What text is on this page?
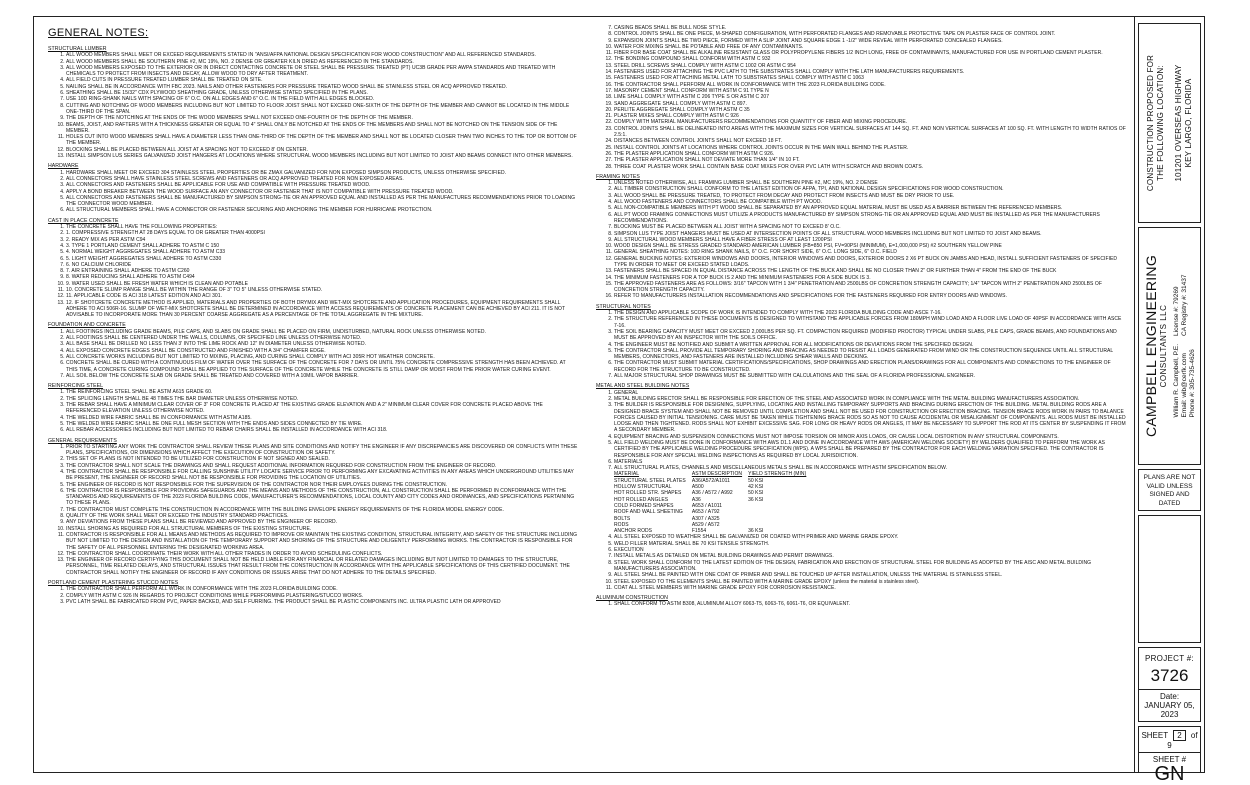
GENERAL NOTES:
STRUCTURAL LUMBER
1. ALL WOOD MEMBERS SHALL MEET OR EXCEED REQUIREMENTS STATED IN "ANSI/AFPA NATIONAL DESIGN SPECIFICATION FOR WOOD CONSTRUCTION" AND ALL REFERENCED STANDARDS.
2. ALL WOOD MEMBERS SHALL BE SOUTHERN PINE #2, MC 19%, NO. 2 DENSE OR GREATER KILN DRIED AS REFERENCED IN THE STANDARDS.
3. ALL WOOD MEMBERS EXPOSED TO THE EXTERIOR OR IN DIRECT CONTACTING CONCRETE OR STEEL SHALL BE PRESSURE TREATED (PT) UC3B GRADE PER AWPA STANDARDS AND TREATED WITH CHEMICALS TO PROTECT FROM INSECTS AND DECAY, ALLOW WOOD TO DRY AFTER TREATMENT.
4. ALL FIELD CUTS IN PRESSURE TREATED LUMBER SHALL BE TREATED ON SITE.
5. NAILING SHALL BE IN ACCORDANCE WITH FBC 2023. NAILS AND OTHER FASTENERS FOR PRESSURE TREATED WOOD SHALL BE STAINLESS STEEL OR ACQ APPROVED TREATED.
6. SHEATHING SHALL BE 15/32" CDX PLYWOOD SHEATHING GRADE, UNLESS OTHERWISE STATED SPECIFIED IN THE PLANS.
7. USE 10D RING-SHANK NAILS WITH SPACING OF 6" O.C. ON ALL EDGES AND 6" O.C. IN THE FIELD WITH ALL EDGES BLOCKED.
8. CUTTING AND NOTCHING OF WOOD MEMBERS INCLUDING BUT NOT LIMITED TO FLOOR JOIST SHALL NOT EXCEED ONE-SIXTH OF THE DEPTH OF THE MEMBER AND CANNOT BE LOCATED IN THE MIDDLE ONE-THIRD OF THE SPAN.
9. THE DEPTH OF THE NOTCHING AT THE ENDS OF THE WOOD MEMBERS SHALL NOT EXCEED ONE-FOURTH OF THE DEPTH OF THE MEMBER.
10. BEAMS, JOIST, AND RAFTERS WITH A THICKNESS GREATER OR EQUAL TO 4" SHALL ONLY BE NOTCHED AT THE ENDS OF THE MEMBERS AND SHALL NOT BE NOTCHED ON THE TENSION SIDE OF THE MEMBER.
11. HOLES CUT INTO WOOD MEMBERS SHALL HAVE A DIAMETER LESS THAN ONE-THIRD OF THE DEPTH OF THE MEMBER AND SHALL NOT BE LOCATED CLOSER THAN TWO INCHES TO THE TOP OR BOTTOM OF THE MEMBER.
12. BLOCKING SHALL BE PLACED BETWEEN ALL JOIST AT A SPACING NOT TO EXCEED 8' ON CENTER.
13. INSTALL SIMPSON LUS SERIES GALVANIZED JOIST HANGERS AT LOCATIONS WHERE STRUCTURAL WOOD MEMBERS INCLUDING BUT NOT LIMITED TO JOIST AND BEAMS CONNECT INTO OTHER MEMBERS.
HARDWARE
1. HARDWARE SHALL MEET OR EXCEED 304 STAINLESS STEEL PROPERTIES OR BE ZMAX GALVANIZED FOR NON EXPOSED SIMPSON PRODUCTS, UNLESS OTHERWISE SPECIFIED.
2. ALL CONNECTORS SHALL HAVE STAINLESS STEEL SCREWS AND FASTENERS OR ACQ APPROVED TREATED FOR NON EXPOSED AREAS.
3. ALL CONNECTORS AND FASTENERS SHALL BE APPLICABLE FOR USE AND COMPATIBLE WITH PRESSURE TREATED WOOD.
4. APPLY A BOND BREAKER BETWEEN THE WOOD SURFACE AN ANY CONNECTOR OR FASTENER THAT IS NOT COMPATIBLE WITH PRESSURE TREATED WOOD.
5. ALL CONNECTORS AND FASTENERS SHALL BE MANUFACTURED BY SIMPSON STRONG-TIE OR AN APPROVED EQUAL AND INSTALLED AS PER THE MANUFACTURES RECOMMENDATIONS PRIOR TO LOADING THE CONNECTOR WOOD MEMBER.
6. ALL STRUCTURAL MEMBERS SHALL HAVE A CONNECTOR OR FASTENER SECURING AND ANCHORING THE MEMBER FOR HURRICANE PROTECTION.
CAST IN PLACE CONCRETE
1. THE CONCRETE SHALL HAVE THE FOLLOWING PROPERTIES:
2. 1. COMPRESSIVE STRENGTH AT 28 DAYS EQUAL TO OR GREATER THAN 4000PSI
3. 2. READY MIX AS PER ASTM C94
4. 3. TYPE 1 PORTLAND CEMENT SHALL ADHERE TO ASTM C 150
5. 4. NORMAL WEIGHT AGGREGATES SHALL ADHERE TO ASTM C33
6. 5. LIGHT WEIGHT AGGREGATES SHALL ADHERE TO ASTM C330
7. 6. NO CALCIUM CHLORIDE
8. 7. AIR ENTRAINING SHALL ADHERE TO ASTM C260
9. 8. WATER REDUCING SHALL ADHERE TO ASTM C494
10. 9. WATER USED SHALL BE FRESH WATER WHICH IS CLEAN AND POTABLE
11. 10. CONCRETE SLUMP RANGE SHALL BE WITHIN THE RANGE OF 3" TO 5" UNLESS OTHERWISE STATED.
12. 11. APPLICABLE CODE IS ACI 318 LATEST EDITION AND ACI 301.
13. 12. IF SHOTCRETE CONCRETE METHOD IS APPLIED, MATERIALS AND PROPERTIES OF BOTH DRYMIX AND WET-MIX SHOTCRETE AND APPLICATION PROCEDURES, EQUIPMENT REQUIREMENTS SHALL ADHERE TO ACI 506R-16. SLUMP OF WET-MIX SHOTCRETE SHALL BE DETERMINED IN ACCORDANCE WITH ACCESS REQUIREMENTS OF CONCRETE PLACEMENT CAN BE ACHIEVED BY ACI 211. IT IS NOT ADVISABLE TO INCORPORATE MORE THAN 30 PERCENT COARSE AGGREGATE AS A PERCENTAGE OF THE TOTAL AGGREGATE IN THE MIXTURE.
FOUNDATION AND CONCRETE
1. ALL FOOTINGS INCLUDING GRADE BEAMS, PILE CAPS, AND SLABS ON GRADE SHALL BE PLACED ON FIRM, UNDISTURBED, NATURAL ROCK UNLESS OTHERWISE NOTED.
2. ALL FOOTINGS SHALL BE CENTERED UNDER THE WALLS, COLUMNS, OR SPECIFIED LINE UNLESS OTHERWISE NOTED.
3. ALL BASE SHALL BE DRILLED NO LESS THAN 3' INTO THE LIME ROCK AND 12" IN DIAMETER UNLESS OTHERWISE NOTED.
4. ALL EXPOSED CONCRETE EDGES SHALL BE CONSTRUCTED AND FINISHED WITH A 3/4" CHAMFER EDGE.
5. ALL CONCRETE WORKS INCLUDING BUT NOT LIMITED TO MIXING, PLACING, AND CURING SHALL COMPLY WITH ACI 305R HOT WEATHER CONCRETE.
6. CONCRETE SHALL BE CURED WITH A CONTINUOUS FILM OF WATER OVER THE SURFACE OF THE CONCRETE FOR 7 DAYS OR UNTIL 75% CONCRETE COMPRESSIVE STRENGTH HAS BEEN ACHIEVED. AT THIS TIME, A CONCRETE CURING COMPOUND SHALL BE APPLIED TO THE SURFACE OF THE CONCRETE WHILE THE CONCRETE IS STILL DAMP OR MOIST FROM THE PRIOR WATER CURING EVENT.
7. ALL SOIL BELOW THE CONCRETE SLAB ON GRADE SHALL BE TREATED AND COVERED WITH A 10MIL VAPOR BARRIER.
REINFORCING STEEL
1. THE REINFORCING STEEL SHALL BE ASTM A615 GRADE 60.
2. THE SPLICING LENGTH SHALL BE 48 TIMES THE BAR DIAMETER UNLESS OTHERWISE NOTED.
3. THE REBAR SHALL HAVE A MINIMUM CLEAR COVER OF 3" FOR CONCRETE PLACED AT THE EXISTING GRADE ELEVATION AND A 2" MINIMUM CLEAR COVER FOR CONCRETE PLACED ABOVE THE REFERENCED ELEVATION UNLESS OTHERWISE NOTED.
4. THE WELDED WIRE FABRIC SHALL BE IN CONFORMANCE WITH ASTM A185.
5. THE WELDED WIRE FABRIC SHALL BE ONE FULL MESH SECTION WITH THE ENDS AND SIDES CONNECTED BY TIE WIRE.
6. ALL REBAR ACCESSORIES INCLUDING BUT NOT LIMITED TO REBAR CHAIRS SHALL BE INSTALLED IN ACCORDANCE WITH ACI 318.
GENERAL REQUIREMENTS
1. PRIOR TO STARTING ANY WORK THE CONTRACTOR SHALL REVIEW THESE PLANS AND SITE CONDITIONS AND NOTIFY THE ENGINEER IF ANY DISCREPANCIES ARE DISCOVERED OR CONFLICTS WITH THESE PLANS, SPECIFICATIONS, OR DIMENSIONS WHICH AFFECT THE EXECUTION OF CONSTRUCTION OR SAFETY.
2. THIS SET OF PLANS IS NOT INTENDED TO BE UTILIZED FOR CONSTRUCTION IF NOT SIGNED AND SEALED.
3. THE CONTRACTOR SHALL NOT SCALE THE DRAWINGS AND SHALL REQUEST ADDITIONAL INFORMATION REQUIRED FOR CONSTRUCTION FROM THE ENGINEER OF RECORD.
4. THE CONTRACTOR SHALL BE RESPONSIBLE FOR CALLING SUNSHINE UTILITY LOCATE SERVICE PRIOR TO PERFORMING ANY EXCAVATING ACTIVITIES IN ANY AREAS WHICH UNDERGROUND UTILITIES MAY BE PRESENT, THE ENGINEER OF RECORD SHALL NOT BE RESPONSIBLE FOR PROVIDING THE LOCATION OF UTILITIES.
5. THE ENGINEER OF RECORD IS NOT RESPONSIBLE FOR THE SUPERVISION OF THE CONTRACTOR NOR THEIR EMPLOYEES DURING THE CONSTRUCTION.
6. THE CONTRACTOR IS RESPONSIBLE FOR PROVIDING SAFEGUARDS AND THE MEANS AND METHODS OF THE CONSTRUCTION, ALL CONSTRUCTION SHALL BE PERFORMED IN CONFORMANCE WITH THE STANDARDS AND REQUIREMENTS OF THE 2023 FLORIDA BUILDING CODE, MANUFACTURER'S RECOMMENDATIONS, LOCAL COUNTY AND CITY CODES AND ORDINANCES, AND SPECIFICATIONS PERTAINING TO THESE PLANS.
7. THE CONTRACTOR MUST COMPLETE THE CONSTRUCTION IN ACCORDANCE WITH THE BUILDING ENVELOPE ENERGY REQUIREMENTS OF THE FLORIDA MODEL ENERGY CODE.
8. QUALITY OF THE WORK SHALL MEET OR EXCEED THE INDUSTRY STANDARD PRACTICES.
9. ANY DEVIATIONS FROM THESE PLANS SHALL BE REVIEWED AND APPROVED BY THE ENGINEER OF RECORD.
10. INSTALL SHORING AS REQUIRED FOR ALL STRUCTURAL MEMBERS OF THE EXISTING STRUCTURE.
11. CONTRACTOR IS RESPONSIBLE FOR ALL MEANS AND METHODS AS REQUIRED TO IMPROVE OR MAINTAIN THE EXISTING CONDITION, STRUCTURAL INTEGRITY, AND SAFETY OF THE STRUCTURE INCLUDING BUT NOT LIMITED TO THE DESIGN AND INSTALLATION OF THE TEMPORARY SUPPORT AND SHORING OF THE STRUCTURE AND DILIGENTLY PERFORMING WORKS. THE CONTRACTOR IS RESPONSIBLE FOR THE SAFETY OF ALL PERSONNEL ENTERING THE DESIGNATED WORKING AREA.
12. THE CONTRACTOR SHALL COORDINATE THEIR WORK WITH ALL OTHER TRADES IN ORDER TO AVOID SCHEDULING CONFLICTS.
13. THE ENGINEER OF RECORD CERTIFYING THIS DOCUMENT SHALL NOT BE HELD LIABLE FOR ANY FINANCIAL OR RELATED DAMAGES INCLUDING BUT NOT LIMITED TO DAMAGES TO THE STRUCTURE, PERSONNEL, TIME RELATED DELAYS, AND STRUCTURAL ISSUES THAT RESULT FROM THE CONSTRUCTION IN ACCORDANCE WITH THE APPLICABLE SPECIFICATIONS OF THIS CERTIFIED DOCUMENT. THE CONTRACTOR SHALL NOTIFY THE ENGINEER OF RECORD IF ANY CONDITIONS OR ISSUES ARISE THAT DO NOT ADHERE TO THE DETAILS SPECIFIED.
PORTLAND CEMENT PLASTERING STUCCO NOTES
1. THE CONTRACTOR SHALL PERFORM ALL WORK IN CONFORMANCE WITH THE 2023 FLORIDA BUILDING CODE.
2. COMPLY WITH ASTM C 926 IN REGARDS TO PROJECT CONDITIONS WHILE PERFORMING PLASTERING/STUCCO WORKS.
3. PVC LATH SHALL BE FABRICATED FROM PVC, PAPER BACKED, AND SELF FURRING. THE PRODUCT SHALL BE PLASTIC COMPONENTS INC. ULTRA PLASTIC LATH OR APPROVED
7. CASING BEADS SHALL BE BULL NOSE STYLE.
8. CONTROL JOINTS SHALL BE ONE PIECE, M-SHAPED CONFIGURATION, WITH PERFORATED FLANGES AND REMOVABLE PROTECTIVE TAPE ON PLASTER FACE OF CONTROL JOINT.
9. EXPANSION JOINTS SHALL BE TWO PIECE, FORMED WITH A SLIP JOINT AND SQUARE EDGE 1 -1/2" WIDE REVEAL WITH PERFORATED CONCEALED FLANGES.
10. WATER FOR MIXING SHALL BE POTABLE AND FREE OF ANY CONTAMINANTS.
11. FIBER FOR BASE COAT SHALL BE ALKALINE RESISTANT GLASS OR POLYPROPYLENE FIBERS 1/2 INCH LONG, FREE OF CONTAMINANTS, MANUFACTURED FOR USE IN PORTLAND CEMENT PLASTER.
12. THE BONDING COMPOUND SHALL CONFORM WITH ASTM C 932
13. STEEL DRILL SCREWS SHALL COMPLY WITH ASTM C 1002 OR ASTM C 954
14. FASTENERS USED FOR ATTACHING THE PVC LATH TO THE SUBSTRATES SHALL COMPLY WITH THE LATH MANUFACTURERS REQUIREMENTS.
15. FASTENERS USED FOR ATTACHING METAL LATH TO SUBSTRATES SHALL COMPLY WITH ASTM C 1063
16. THE CONTRACTOR SHALL PERFORM ALL WORK IN CONFORMANCE WITH THE 2023 FLORIDA BUILDING CODE.
17. MASONRY CEMENT SHALL CONFORM WITH ASTM C 91 TYPE N
18. LIME SHALL COMPLY WITH ASTM C 206 TYPE S OR ASTM C 207
19. SAND AGGREGATE SHALL COMPLY WITH ASTM C 897.
20. PERLITE AGGREGATE SHALL COMPLY WITH ASTM C 35
21. PLASTER MIXES SHALL COMPLY WITH ASTM C 926
22. COMPLY WITH MATERIAL MANUFACTURERS RECOMMENDATIONS FOR QUANTITY OF FIBER AND MIXING PROCEDURE.
23. CONTROL JOINTS SHALL BE DELINEATED INTO AREAS WITH THE MAXIMUM SIZES FOR VERTICAL SURFACES AT 144 SQ. FT. AND NON VERTICAL SURFACES AT 100 SQ. FT. WITH LENGTH TO WIDTH RATIOS OF 2.5:1.
24. DISTANCES BETWEEN CONTROL JOINTS SHALL NOT EXCEED 18 FT.
25. INSTALL CONTROL JOINTS AT LOCATIONS WHERE CONTROL JOINTS OCCUR IN THE MAIN WALL BEHIND THE PLASTER.
26. THE PLASTER APPLICATION SHALL CONFORM WITH ASTM C 926.
27. THE PLASTER APPLICATION SHALL NOT DEVIATE MORE THAN 1/4" IN 10 FT.
28. THREE COAT PLASTER WORK SHALL CONTAIN BASE COAT MIXES FOR OVER PVC LATH WITH SCRATCH AND BROWN COATS.
FRAMING NOTES
1. UNLESS NOTED OTHERWISE, ALL FRAMING LUMBER SHALL BE SOUTHERN PINE #2, MC 19%, NO. 2 DENSE
2. ALL TIMBER CONSTRUCTION SHALL CONFORM TO THE LATEST EDITION OF AFPA, TPI, AND NATIONAL DESIGN SPECIFICATIONS FOR WOOD CONSTRUCTION.
3. ALL WOOD SHALL BE PRESSURE TREATED, TO PROTECT FROM DECAY AND PROTECT FROM INSECTS AND MUST BE DRY PRIOR TO USE.
4. ALL WOOD FASTENERS AND CONNECTORS SHALL BE COMPATIBLE WITH PT WOOD.
5. ALL NON-COMPATIBLE MEMBERS WITH PT WOOD SHALL BE SEPARATED BY AN APPROVED EQUAL MATERIAL MUST BE USED AS A BARRIER BETWEEN THE REFERENCED MEMBERS.
6. ALL PT WOOD FRAMING CONNECTIONS MUST UTILIZE A PRODUCTS MANUFACTURED BY SIMPSON STRONG-TIE OR AN APPROVED EQUAL AND MUST BE INSTALLED AS PER THE MANUFACTURERS RECOMMENDATIONS.
7. BLOCKING MUST BE PLACED BETWEEN ALL JOIST WITH A SPACING NOT TO EXCEED 8' O.C.
8. SIMPSON LUS TYPE JOIST HANGERS MUST BE USED AT INTERSECTION POINTS OF ALL STRUCTURAL WOOD MEMBERS INCLUDING BUT NOT LIMITED TO JOIST AND BEAMS.
9. ALL STRUCTURAL WOOD MEMBERS SHALL HAVE A FIBER STRESS OF AT LEAST 1200PSI
10. WOOD DESIGN SHALL BE STRESS GRADED STANDARD AMERICAN LUMBER (FB=850 PSI, FV=90PSI (MINIMUM), E=1,000,000 PSI) #2 SOUTHERN YELLOW PINE
11. GENERAL SHEATHING NOTES: 10D RING SHANK NAILS, 6" O.C. FOR SHORT SIDE, 6" O.C. LONG SIDE, 6" O.C. FIELD
12. GENERAL BUCKING NOTES: EXTERIOR WINDOWS AND DOORS, INTERIOR WINDOWS AND DOORS, EXTERIOR DOORS 2 X6 PT BUCK ON JAMBS AND HEAD, INSTALL SUFFICIENT FASTENERS OF SPECIFIED TYPE IN ORDER TO MEET OR EXCEED STATED LOADS.
13. FASTENERS SHALL BE SPACED IN EQUAL DISTANCE ACROSS THE LENGTH OF THE BUCK AND SHALL BE NO CLOSER THAN 2" OR FURTHER THAN 4" FROM THE END OF THE BUCK
14. THE MINIMUM FASTENERS FOR A TOP BUCK IS 2 AND THE MINIMUM FASTENERS FOR A SIDE BUCK IS 3.
15. THE APPROVED FASTENERS ARE AS FOLLOWS: 3/16" TAPCON WITH 1 3/4" PENETRATION AND 2500LBS OF CONCRETION STRENGTH CAPACITY; 1/4" TAPCON WITH 2" PENETRATION AND 2500LBS OF CONCRETION STRENGTH CAPACITY.
16. REFER TO MANUFACTURERS INSTALLATION RECOMMENDATIONS AND SPECIFICATIONS FOR THE FASTENERS REQUIRED FOR ENTRY DOORS AND WINDOWS.
STRUCTURAL NOTES
1. THE DESIGN AND APPLICABLE SCOPE OF WORK IS INTENDED TO COMPLY WITH THE 2023 FLORIDA BUILDING CODE AND ASCE 7-16.
2. THE STRUCTURE REFERENCED IN THESE DOCUMENTS IS DESIGNED TO WITHSTAND THE APPLICABLE FORCES FROM 180MPH WIND LOAD AND A FLOOR LIVE LOAD OF 40PSF IN ACCORDANCE WITH ASCE 7-16.
3. THE SOIL BEARING CAPACITY MUST MEET OR EXCEED 2,000LBS PER SQ. FT. COMPACTION REQUIRED (MODIFIED PROCTOR) TYPICAL UNDER SLABS, PILE CAPS, GRADE BEAMS, AND FOUNDATIONS AND MUST BE APPROVED BY AN INSPECTOR WITH THE SOILS OFFICE.
4. THE ENGINEER MUST BE NOTIFIED AND SUBMIT A WRITTEN APPROVAL FOR ALL MODIFICATIONS OR DEVIATIONS FROM THE SPECIFIED DESIGN.
5. THE CONTRACTOR SHALL PROVIDE ALL TEMPORARY SHORING AND BRACING AS NEEDED TO RESIST ALL LOADS GENERATED FROM WIND OR THE CONSTRUCTION SEQUENCE UNTIL ALL STRUCTURAL MEMBERS, CONNECTORS, AND FASTENERS ARE INSTALLED INCLUDING SHEAR WALLS AND DECKING.
6. THE CONTRACTOR MUST SUBMIT MATERIAL CERTIFICATIONS/SPECIFICATIONS, SHOP DRAWINGS AND ERECTION PLANS/DRAWINGS FOR ALL COMPONENTS AND CONNECTIONS TO THE ENGINEER OF RECORD FOR THE STRUCTURE TO BE CONSTRUCTED.
7. ALL MAJOR STRUCTURAL SHOP DRAWINGS MUST BE SUBMITTED WITH CALCULATIONS AND THE SEAL OF A FLORIDA PROFESSIONAL ENGINEER.
METAL AND STEEL BUILDING NOTES
1. GENERAL
2. METAL BUILDING ERECTOR SHALL BE RESPONSIBLE FOR ERECTION OF THE STEEL AND ASSOCIATED WORK IN COMPLIANCE WITH THE METAL BUILDING MANUFACTURERS ASSOCIATION.
3. THE BUILDER IS RESPONSIBLE FOR DESIGNING, SUPPLYING, LOCATING AND INSTALLING TEMPORARY SUPPORTS AND BRACING DURING ERECTION OF THE BUILDING. METAL BUILDING RODS ARE A DESIGNED BRACE SYSTEM AND SHALL NOT BE REMOVED UNTIL COMPLETION AND SHALL NOT BE USED FOR CONSTRUCTION OR ERECTION BRACING. TENSION BRACE RODS WORK IN PAIRS TO BALANCE FORCES CAUSED BY INITIAL TENSIONING. CARE MUST BE TAKEN WHILE TIGHTENING BRACE RODS SO AS NOT TO CAUSE ACCIDENTAL OR MISALIGNMENT OF COMPONENTS. ALL RODS MUST BE INSTALLED LOOSE AND THEN TIGHTENED. RODS SHALL NOT EXHIBIT EXCESSIVE SAG. FOR LONG OR HEAVY RODS OR ANGLES, IT MAY BE NECESSARY TO SUPPORT THE ROD AT ITS CENTER BY SUSPENDING IT FROM A SECONDARY MEMBER.
4. EQUIPMENT BRACING AND SUSPENSION CONNECTIONS MUST NOT IMPOSE TORSION OR MINOR AXIS LOADS, OR CAUSE LOCAL DISTORTION IN ANY STRUCTURAL COMPONENTS.
5. ALL FIELD WELDING MUST BE DONE IN CONFORMANCE WITH AWS D1.1 AND DONE IN ACCORDANCE WITH AWS (AMERICAN WELDING SOCIETY) BY WELDERS QUALIFIED TO PERFORM THE WORK AS CERTIFIED BY THE APPLICABLE WELDING PROCEDURE SPECIFICATION (WPS). A WPS SHALL BE PREPARED BY THE CONTRACTOR FOR EACH WELDING VARIATION SPECIFIED. THE CONTRACTOR IS RESPONSIBLE FOR ANY SPECIAL WELDING INSPECTIONS AS REQUIRED BY LOCAL JURISDICTION.
6. MATERIALS
7. ALL STRUCTURAL PLATES, CHANNELS AND MISCELLANEOUS METALS SHALL BE IN ACCORDANCE WITH ASTM SPECIFICATION BELOW.
MATERIAL	ASTM DESCRIPTION	YIELD STRENGTH (MIN)
STRUCTURAL STEEL PLATES	A36/A572/A1011	50 KSI
HOLLOW STRUCTURAL	A500	42 KSI
HOT ROLLED STR. SHAPES	A36 / A572 / A992	50 KSI
HOT ROLLED ANGLES	A36	36 KSI
COLD FORMED SHAPES	A653 / A1011	
ROOF AND WALL SHEETING	A653 / A792	
BOLTS	A307 / A325	
RODS	A529 / A572	
ANCHOR RODS	F1554	36 KSI
4. ALL STEEL EXPOSED TO WEATHER SHALL BE GALVANIZED OR COATED WITH PRIMER AND MARINE GRADE EPOXY.
5. WELD FILLER MATERIAL SHALL BE 70 KSI TENSILE STRENGTH.
6. EXECUTION
7. INSTALL METALS AS DETAILED ON METAL BUILDING DRAWINGS AND PERMIT DRAWINGS.
8. STEEL WORK SHALL CONFORM TO THE LATEST EDITION OF THE DESIGN, FABRICATION AND ERECTION OF STRUCTURAL STEEL FOR BUILDING AS ADOPTED BY THE AISC AND METAL BUILDING MANUFACTURERS ASSOCIATION.
9. ALL STEEL SHALL BE PAINTED WITH ONE COAT OF PRIMER AND SHALL BE TOUCHED UP AFTER INSTALLATION, UNLESS THE MATERIAL IS STAINLESS STEEL.
10. STEEL EXPOSED TO THE ELEMENTS SHALL BE PAINTED WITH A MARINE GRADE EPOXY (unless the material is stainless steel).
11. COAT ALL STEEL MEMBERS WITH MARINE GRADE EPOXY FOR CORROSION RESISTANCE.
ALUMINUM CONSTRUCTION
1. SHALL CONFORM TO ASTM B308, ALUMINUM ALLOY 6063-T5, 6063-T6, 6061-T6, OR EQUIVALENT.
CONSTRUCTION PROPOSED FOR THE FOLLOWING LOCATION: 101201 OVERSEAS HIGHWAY KEY LARGO, FLORIDA
CAMPBELL ENGINEERING CONSULTANTS LLC William R. Campbell, P.E. Email: wib@cerfk.com Phone #: 305-735-4626
License #: 79269 CA Registry #: 31437
PLANS ARE NOT VALID UNLESS SIGNED AND DATED
PROJECT #:
3726
Date:
JANUARY 05, 2023
SHEET 2 of 9
SHEET #
GN
